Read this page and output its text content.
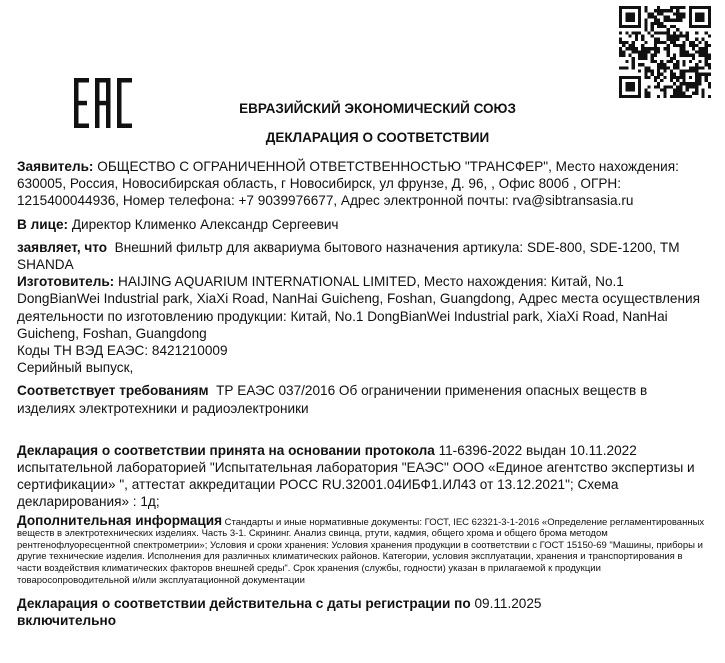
ЕВРАЗИЙСКИЙ ЭКОНОМИЧЕСКИЙ СОЮЗ
ДЕКЛАРАЦИЯ О СООТВЕТСТВИИ

Заявитель: ОБЩЕСТВО С ОГРАНИЧЕННОЙ ОТВЕТСТВЕННОСТЬЮ "ТРАНСФЕР", Место нахождения: 630005, Россия, Новосибирская область, г Новосибирск, ул фрунзе, Д. 96, , Офис 800б , ОГРН: 1215400044936, Номер телефона: +7 9039976677, Адрес электронной почты: rva@sibtransasia.ru

В лице: Директор Клименко Александр Сергеевич

заявляет, что Внешний фильтр для аквариума бытового назначения артикула: SDE-800, SDE-1200, ТМ SHANDA

Изготовитель: HAIJING AQUARIUM INTERNATIONAL LIMITED, Место нахождения: Китай, No.1 DongBianWei Industrial park, XiaXi Road, NanHai Guicheng, Foshan, Guangdong, Адрес места осуществления деятельности по изготовлению продукции: Китай, No.1 DongBianWei Industrial park, XiaXi Road, NanHai Guicheng, Foshan, Guangdong

Коды ТН ВЭД ЕАЭС: 8421210009

Серийный выпуск,

Соответствует требованиям ТР ЕАЭС 037/2016 Об ограничении применения опасных веществ в изделиях электротехники и радиоэлектроники

Декларация о соответствии принята на основании протокола 11-6396-2022 выдан 10.11.2022 испытательной лабораторией "Испытательная лаборатория "ЕАЭС" ООО «Единое агентство экспертизы и сертификации» ", аттестат аккредитации РОСС RU.32001.04ИБФ1.ИЛ43 от 13.12.2021"; Схема декларирования» : 1д;

Дополнительная информация Стандарты и иные нормативные документы: ГОСТ, IEC 62321-3-1-2016 «Определение регламентированных веществ в электротехнических изделиях. Часть 3-1. Скрининг. Анализ свинца, ртути, кадмия, общего хрома и общего брома методом рентгенофлуоресцентной спектрометрии»; Условия и сроки хранения: Условия хранения продукции в соответствии с ГОСТ 15150-69 "Машины, приборы и другие технические изделия. Исполнения для различных климатических районов. Категории, условия эксплуатации, хранения и транспортирования в части воздействия климатических факторов внешней среды". Срок хранения (службы, годности) указан в прилагаемой к продукции товаросопроводительной и/или эксплуатационной документации

Декларация о соответствии действительна с даты регистрации по 09.11.2025
включительно
